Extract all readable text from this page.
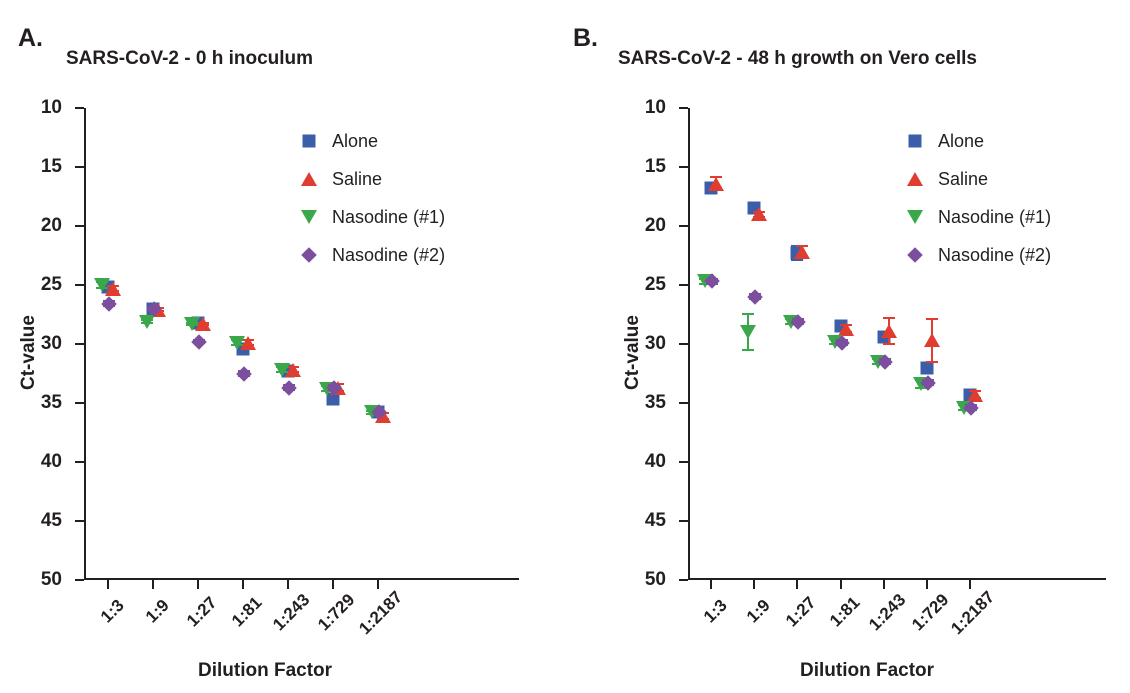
A.
SARS-CoV-2 - 0 h inoculum
Ct-value
Dilution Factor
10
15
20
25
30
35
40
45
50
1:3 1:9 1:27 1:81 1:243 1:729
1:2187
Alone
Saline
Nasodine (#1)
Nasodine (#2)
B.
SARS-CoV-2 - 48 h growth on Vero cells
Ct-value
Dilution Factor
10
15
20
25
30
35
40
45
50
1:3 1:9 1:27 1:81 1:243 1:729
1:2187
Alone
Saline
Nasodine (#1)
Nasodine (#2)
